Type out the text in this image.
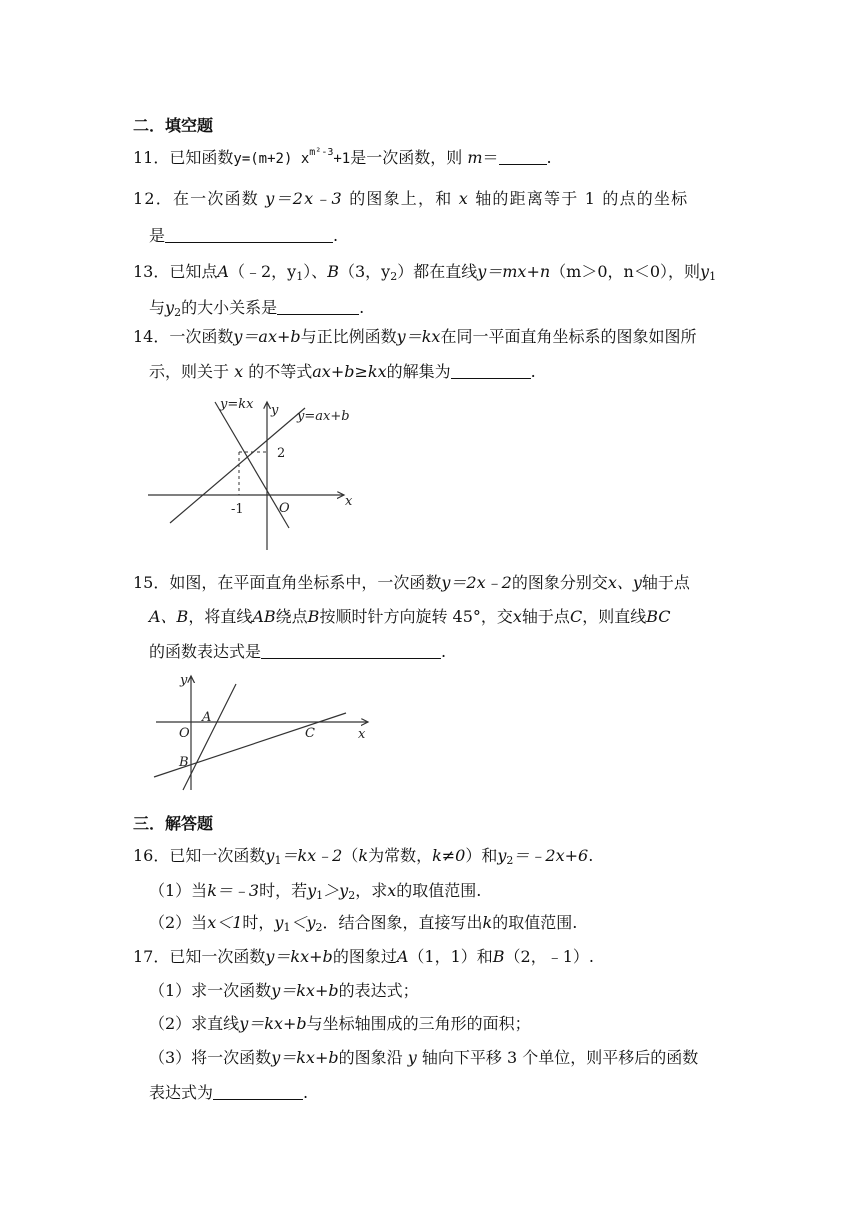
二．填空题
11．已知函数y=(m+2) $x^{m^2-3}+1$是一次函数，则 m＝	.
12．在一次函数 y＝2x﹣3 的图象上，和 x 轴的距离等于 1 的点的坐标
是	.
13．已知点A（﹣2，$y_1$）、B（3，$y_2$）都在直线y＝mx+n（m＞0，n＜0），则$y_1$
与$y_2$的大小关系是	.
14．一次函数y＝ax+b与正比例函数y＝kx在同一平面直角坐标系的图象如图所
示，则关于 x 的不等式ax+b≥kx的解集为	.
y=kx y y=ax+b
2
x
-1	O
15．如图，在平面直角坐标系中，一次函数y＝2x﹣2的图象分别交x、y轴于点
A、B，将直线AB绕点B按顺时针方向旋转 45°，交x轴于点C，则直线BC
的函数表达式是	.
y
A
O	C	x
B
三．解答题
16．已知一次函数$y_1=kx﹣2(k$为常数，k≠0）和$y_2=﹣2x+6$.
（1）当k＝﹣3时，若$y_1>y_2$，求x的取值范围.
（2）当x＜1时，$y_1<y_2$．结合图象，直接写出k的取值范围.
17．已知一次函数y＝kx+b的图象过A（1，1）和B（2，﹣1）.
（1）求一次函数y＝kx+b的表达式；
（2）求直线y＝kx+b与坐标轴围成的三角形的面积；
（3）将一次函数y＝kx+b的图象沿 y 轴向下平移 3 个单位，则平移后的函数
表达式为	.
